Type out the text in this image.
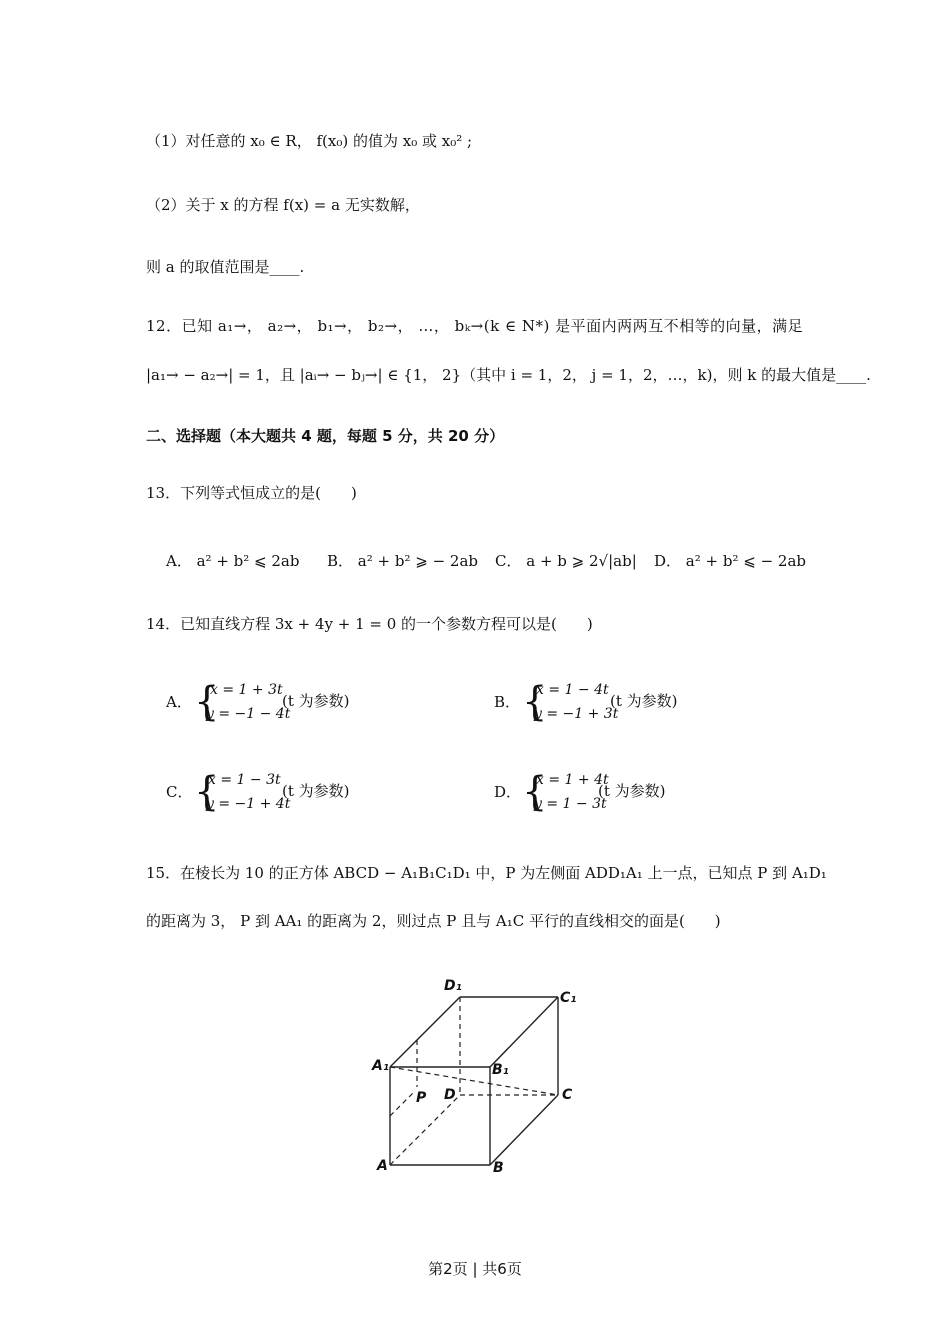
（1）对任意的 x₀ ∈ R， f(x₀) 的值为 x₀ 或 x₀² ;
（2）关于 x 的方程 f(x) = a 无实数解，
则 a 的取值范围是____.
12．已知 a₁→， a₂→， b₁→， b₂→， …， bₖ→(k ∈ N*) 是平面内两两互不相等的向量，满足
|a₁→ − a₂→| = 1，且 |aᵢ→ − bⱼ→| ∈ {1， 2}（其中 i = 1，2， j = 1，2，…，k)，则 k 的最大值是____.
二、选择题（本大题共 4 题，每题 5 分，共 20 分）
13．下列等式恒成立的是(　　)
A． a² + b² ⩽ 2ab B． a² + b² ⩾ − 2ab C． a + b ⩾ 2√|ab| D． a² + b² ⩽ − 2ab
14．已知直线方程 3x + 4y + 1 = 0 的一个参数方程可以是(　　)
A． {
x = 1 + 3t
y = −1 − 4t
(t 为参数)	B． {
x = 1 − 4t
y = −1 + 3t
(t 为参数)
C． {
x = 1 − 3t
y = −1 + 4t
(t 为参数)	D． {
x = 1 + 4t
y = 1 − 3t
(t 为参数)
15．在棱长为 10 的正方体 ABCD − A₁B₁C₁D₁ 中，P 为左侧面 ADD₁A₁ 上一点，已知点 P 到 A₁D₁
的距离为 3， P 到 AA₁ 的距离为 2，则过点 P 且与 A₁C 平行的直线相交的面是(　　)
D₁
C₁
A₁	B₁
P D	C
A	B
第2页 | 共6页
